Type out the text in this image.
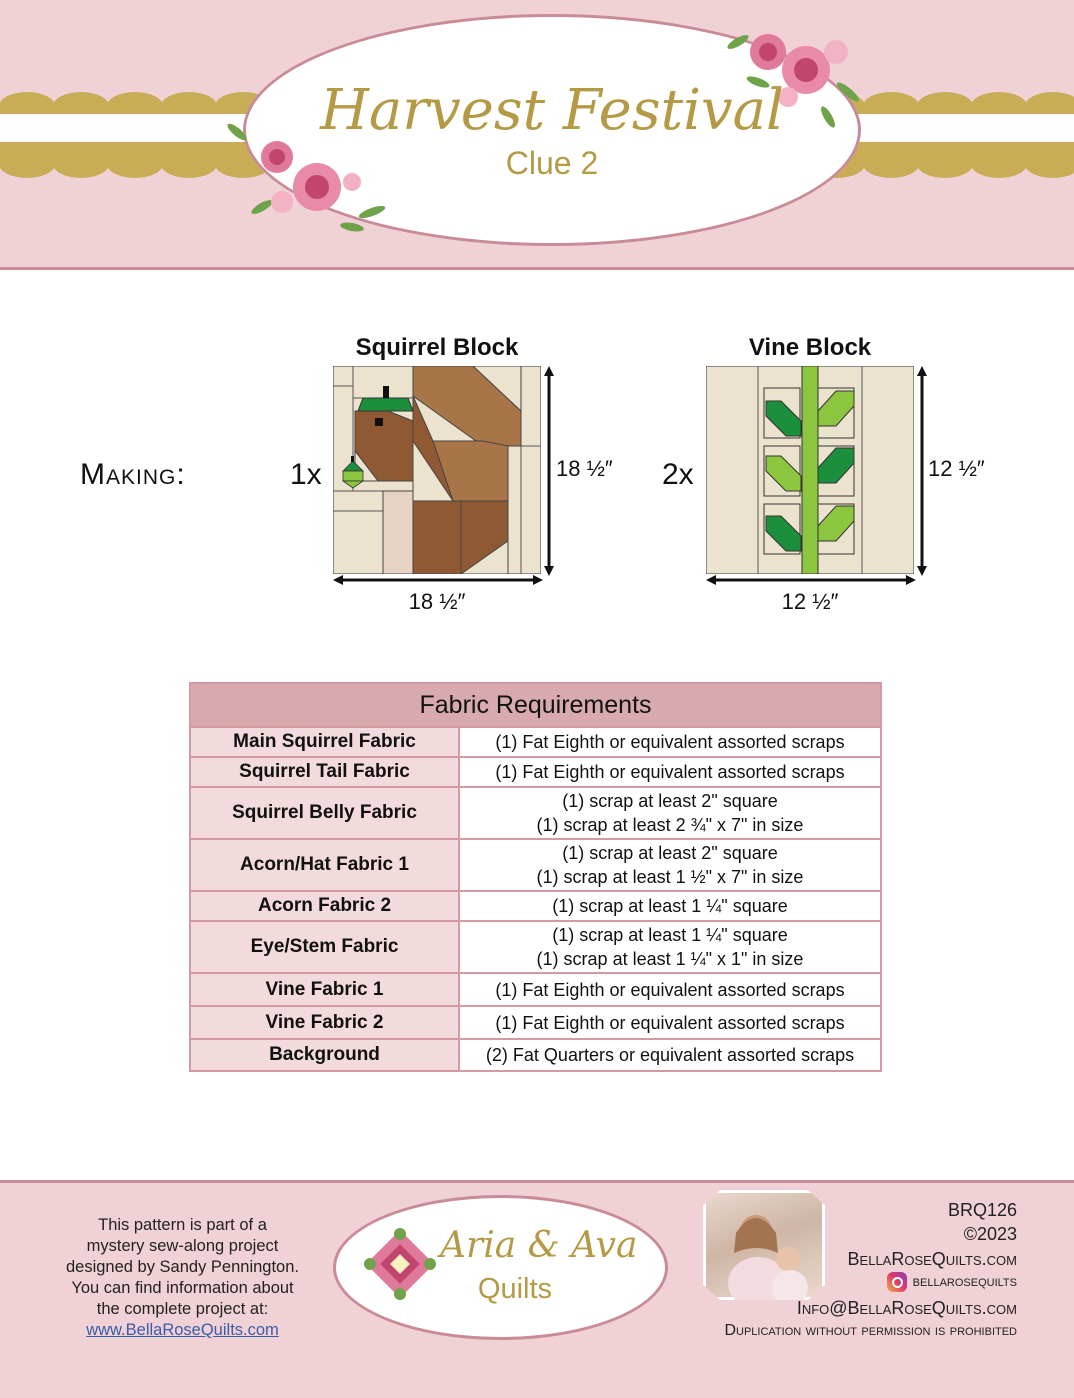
Harvest Festival
Clue 2
Making:	1x
Squirrel Block
18 ½″
18 ½″
2x
Vine Block
12 ½″
12 ½″
Fabric Requirements	
Main Squirrel Fabric	(1) Fat Eighth or equivalent assorted scraps

Squirrel Tail Fabric	(1) Fat Eighth or equivalent assorted scraps

Squirrel Belly Fabric	(1) scrap at least 2" square
(1) scrap at least 2 ¾" x 7" in size

Acorn/Hat Fabric 1	(1) scrap at least 2" square
(1) scrap at least 1 ½" x 7" in size

Acorn Fabric 2	(1) scrap at least 1 ¼" square

Eye/Stem Fabric	(1) scrap at least 1 ¼" square
(1) scrap at least 1 ¼" x 1" in size

Vine Fabric 1	(1) Fat Eighth or equivalent assorted scraps

Vine Fabric 2	(1) Fat Eighth or equivalent assorted scraps

Background	(2) Fat Quarters or equivalent assorted scraps
This pattern is part of a
mystery sew-along project
designed by Sandy Pennington.
You can find information about
the complete project at:
www.BellaRoseQuilts.com
Aria & Ava
Quilts
BRQ126
©2023
BellaRoseQuilts.com
bellarosequilts
Info@BellaRoseQuilts.com
Duplication without permission is prohibited
